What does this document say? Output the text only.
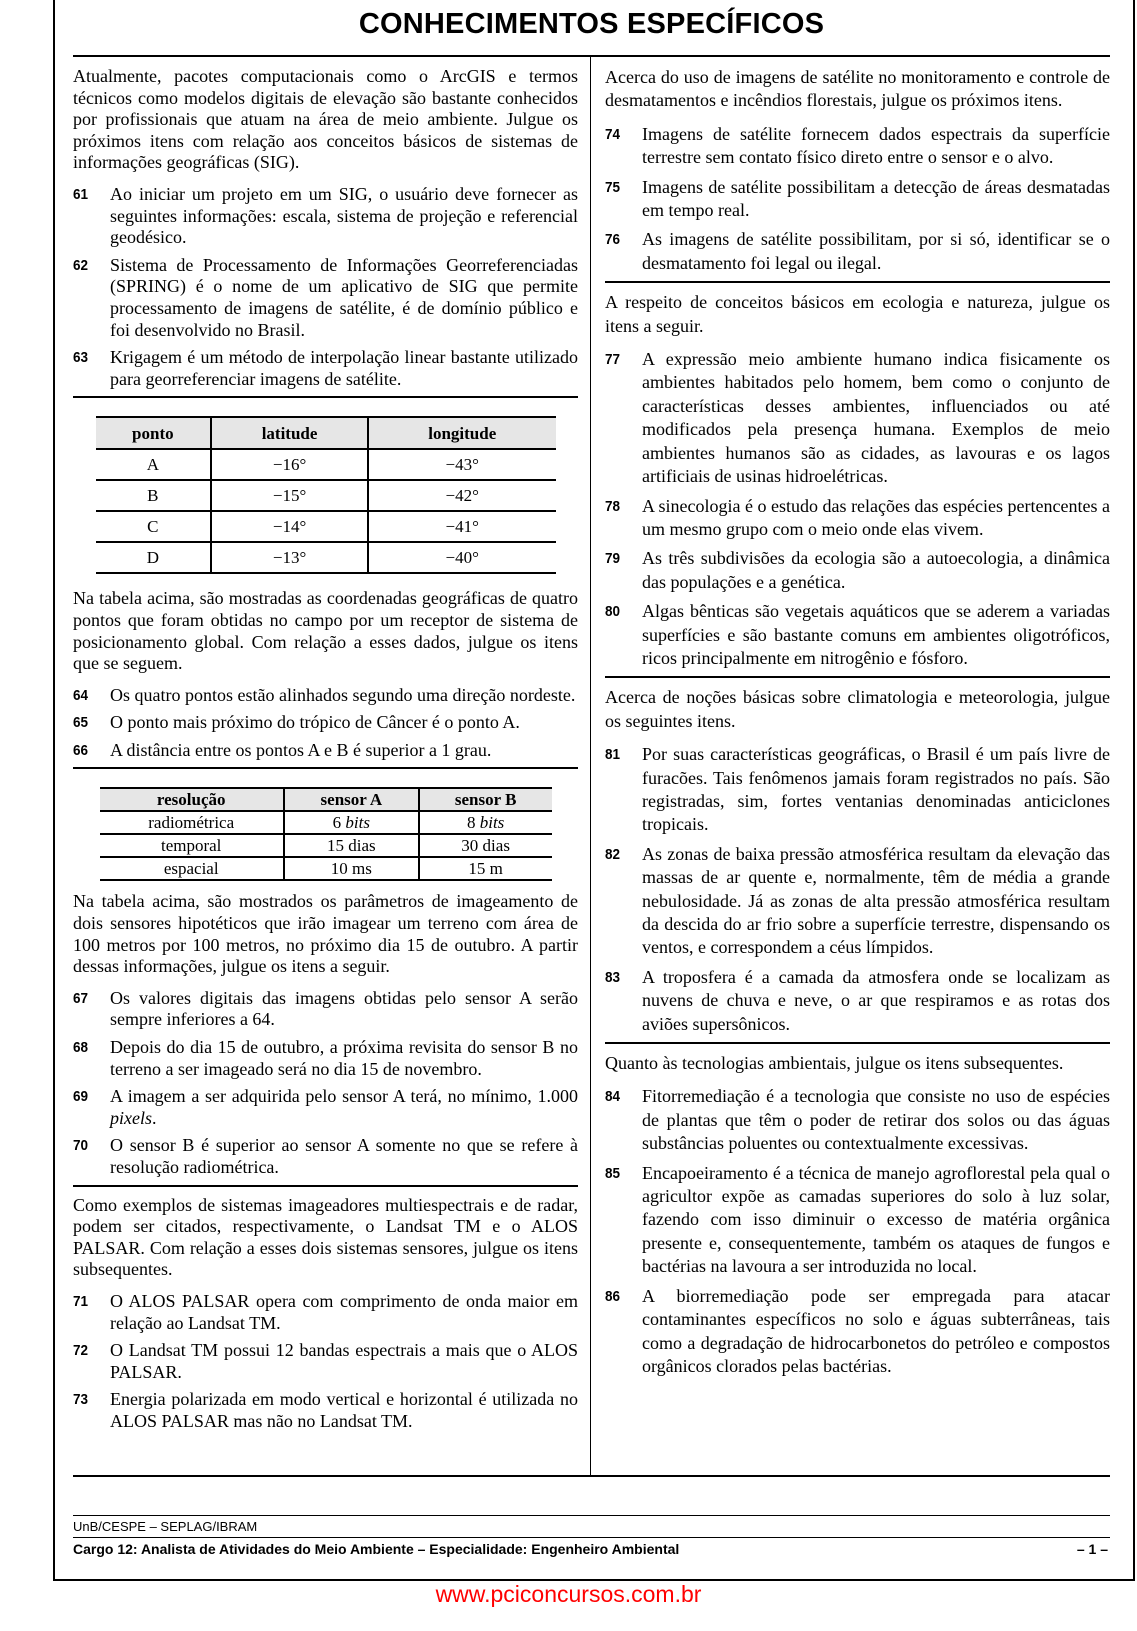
CONHECIMENTOS ESPECÍFICOS
Atualmente, pacotes computacionais como o ArcGIS e termos técnicos como modelos digitais de elevação são bastante conhecidos por profissionais que atuam na área de meio ambiente. Julgue os próximos itens com relação aos conceitos básicos de sistemas de informações geográficas (SIG).
61	Ao iniciar um projeto em um SIG, o usuário deve fornecer as seguintes informações: escala, sistema de projeção e referencial geodésico.
62	Sistema de Processamento de Informações Georreferenciadas (SPRING) é o nome de um aplicativo de SIG que permite processamento de imagens de satélite, é de domínio público e foi desenvolvido no Brasil.
63	Krigagem é um método de interpolação linear bastante utilizado para georreferenciar imagens de satélite.
ponto	latitude	longitude
A	−16°	−43°
B	−15°	−42°
C	−14°	−41°
D	−13°	−40°
Na tabela acima, são mostradas as coordenadas geográficas de quatro pontos que foram obtidas no campo por um receptor de sistema de posicionamento global. Com relação a esses dados, julgue os itens que se seguem.
64	Os quatro pontos estão alinhados segundo uma direção nordeste.
65	O ponto mais próximo do trópico de Câncer é o ponto A.
66	A distância entre os pontos A e B é superior a 1 grau.
resolução	sensor A	sensor B
radiométrica	6 bits	8 bits
temporal	15 dias	30 dias
espacial	10 ms	15 m
Na tabela acima, são mostrados os parâmetros de imageamento de dois sensores hipotéticos que irão imagear um terreno com área de 100 metros por 100 metros, no próximo dia 15 de outubro. A partir dessas informações, julgue os itens a seguir.
67	Os valores digitais das imagens obtidas pelo sensor A serão sempre inferiores a 64.
68	Depois do dia 15 de outubro, a próxima revisita do sensor B no terreno a ser imageado será no dia 15 de novembro.
69	A imagem a ser adquirida pelo sensor A terá, no mínimo, 1.000 pixels.
70	O sensor B é superior ao sensor A somente no que se refere à resolução radiométrica.
Como exemplos de sistemas imageadores multiespectrais e de radar, podem ser citados, respectivamente, o Landsat TM e o ALOS PALSAR. Com relação a esses dois sistemas sensores, julgue os itens subsequentes.
71	O ALOS PALSAR opera com comprimento de onda maior em relação ao Landsat TM.
72	O Landsat TM possui 12 bandas espectrais a mais que o ALOS PALSAR.
73	Energia polarizada em modo vertical e horizontal é utilizada no ALOS PALSAR mas não no Landsat TM.
Acerca do uso de imagens de satélite no monitoramento e controle de desmatamentos e incêndios florestais, julgue os próximos itens.
74	Imagens de satélite fornecem dados espectrais da superfície terrestre sem contato físico direto entre o sensor e o alvo.
75	Imagens de satélite possibilitam a detecção de áreas desmatadas em tempo real.
76	As imagens de satélite possibilitam, por si só, identificar se o desmatamento foi legal ou ilegal.
A respeito de conceitos básicos em ecologia e natureza, julgue os itens a seguir.
77	A expressão meio ambiente humano indica fisicamente os ambientes habitados pelo homem, bem como o conjunto de características desses ambientes, influenciados ou até modificados pela presença humana. Exemplos de meio ambientes humanos são as cidades, as lavouras e os lagos artificiais de usinas hidroelétricas.
78	A sinecologia é o estudo das relações das espécies pertencentes a um mesmo grupo com o meio onde elas vivem.
79	As três subdivisões da ecologia são a autoecologia, a dinâmica das populações e a genética.
80	Algas bênticas são vegetais aquáticos que se aderem a variadas superfícies e são bastante comuns em ambientes oligotróficos, ricos principalmente em nitrogênio e fósforo.
Acerca de noções básicas sobre climatologia e meteorologia, julgue os seguintes itens.
81	Por suas características geográficas, o Brasil é um país livre de furacões. Tais fenômenos jamais foram registrados no país. São registradas, sim, fortes ventanias denominadas anticiclones tropicais.
82	As zonas de baixa pressão atmosférica resultam da elevação das massas de ar quente e, normalmente, têm de média a grande nebulosidade. Já as zonas de alta pressão atmosférica resultam da descida do ar frio sobre a superfície terrestre, dispensando os ventos, e correspondem a céus límpidos.
83	A troposfera é a camada da atmosfera onde se localizam as nuvens de chuva e neve, o ar que respiramos e as rotas dos aviões supersônicos.
Quanto às tecnologias ambientais, julgue os itens subsequentes.
84	Fitorremediação é a tecnologia que consiste no uso de espécies de plantas que têm o poder de retirar dos solos ou das águas substâncias poluentes ou contextualmente excessivas.
85	Encapoeiramento é a técnica de manejo agroflorestal pela qual o agricultor expõe as camadas superiores do solo à luz solar, fazendo com isso diminuir o excesso de matéria orgânica presente e, consequentemente, também os ataques de fungos e bactérias na lavoura a ser introduzida no local.
86	A biorremediação pode ser empregada para atacar contaminantes específicos no solo e águas subterrâneas, tais como a degradação de hidrocarbonetos do petróleo e compostos orgânicos clorados pelas bactérias.
UnB/CESPE – SEPLAG/IBRAM
Cargo 12: Analista de Atividades do Meio Ambiente – Especialidade: Engenheiro Ambiental	– 1 –
www.pciconcursos.com.br
